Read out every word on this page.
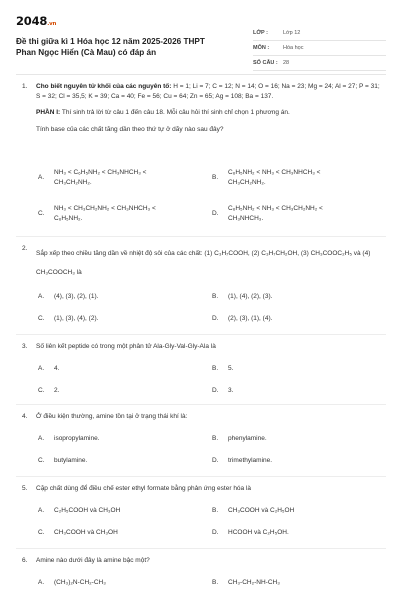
2048.vn
Đề thi giữa kì 1 Hóa học 12 năm 2025-2026 THPT Phan Ngọc Hiển (Cà Mau) có đáp án
LỚP :	Lớp 12
MÔN :	Hóa học
SỐ CÂU : 28
1.	Cho biết nguyên tử khối của các nguyên tố: H = 1; Li = 7; C = 12; N = 14; O = 16; Na = 23; Mg = 24; Al = 27; P = 31; S = 32; Cl = 35,5; K = 39; Ca = 40; Fe = 56; Cu = 64; Zn = 65; Ag = 108; Ba = 137.
PHẦN I: Thí sinh trả lời từ câu 1 đến câu 18. Mỗi câu hỏi thí sinh chỉ chọn 1 phương án.
Tính base của các chất tăng dần theo thứ tự ở dãy nào sau đây?
A.
NH₃ < C₆H₅NH₂ < CH₃NHCH₃ <
CH₃CH₂NH₂.
B.
C₆H₅NH₂ < NH₃ < CH₃NHCH₃ <
CH₃CH₂NH₂.
C.
NH₃ < CH₃CH₂NH₂ < CH₃NHCH₃ <
C₆H₅NH₂.
D.
C₆H₅NH₂ < NH₃ < CH₃CH₂NH₂ <
CH₃NHCH₃.
2.
Sắp xếp theo chiều tăng dần về nhiệt độ sôi của các chất: (1) C₃H₇COOH, (2) C₃H₇CH₂OH, (3) CH₃COOC₂H₅ và (4) CH₃COOCH₃ là
A.	(4), (3), (2), (1).	B.	(1), (4), (2), (3).
C.	(1), (3), (4), (2).	D.	(2), (3), (1), (4).
3.	Số liên kết peptide có trong một phân tử Ala-Gly-Val-Gly-Ala là
A.	4.	B.	5.
C.	2.	D.	3.
4.	Ở điều kiện thường, amine tồn tại ở trạng thái khí là:
A.	isopropylamine.	B.	phenylamine.
C.	butylamine.	D.	trimethylamine.
5.	Cặp chất dùng để điều chế ester ethyl formate bằng phản ứng ester hóa là
A.	C₂H₅COOH và CH₃OH	B.	CH₃COOH và C₂H₅OH
C.	CH₃COOH và CH₃OH	D.	HCOOH và C₂H₅OH.
6.	Amine nào dưới đây là amine bậc một?
A.	(CH₃)₂N-CH₂-CH₃	B.	CH₃-CH₂-NH-CH₃
